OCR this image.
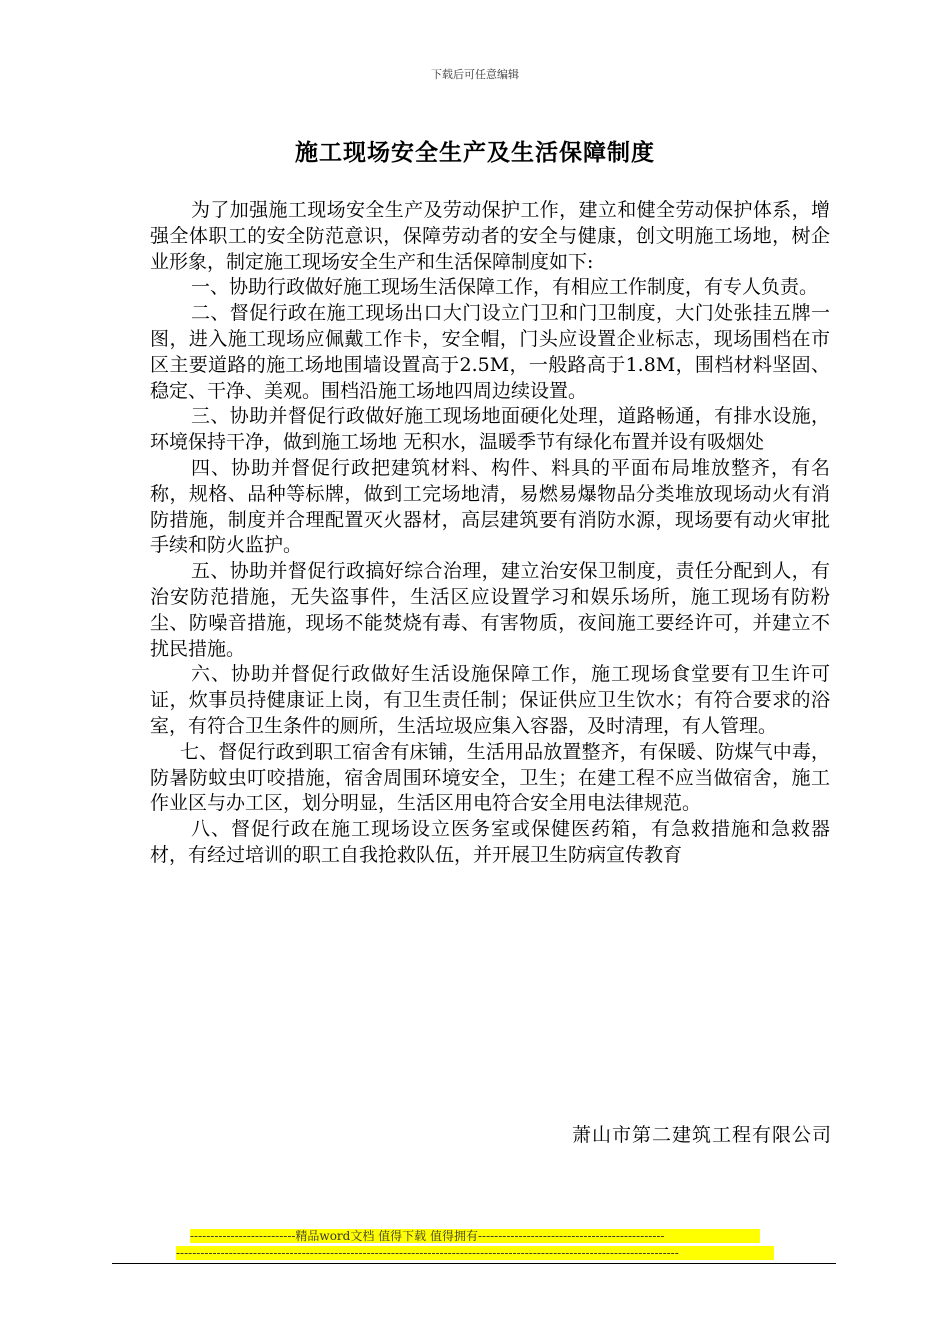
下载后可任意编辑
施工现场安全生产及生活保障制度

为了加强施工现场安全生产及劳动保护工作，建立和健全劳动保护体系，增强全体职工的安全防范意识，保障劳动者的安全与健康，创文明施工场地，树企业形象，制定施工现场安全生产和生活保障制度如下:

一、协助行政做好施工现场生活保障工作，有相应工作制度，有专人负责。

二、督促行政在施工现场出口大门设立门卫和门卫制度，大门处张挂五牌一图，进入施工现场应佩戴工作卡，安全帽，门头应设置企业标志，现场围档在市区主要道路的施工场地围墙设置高于2.5M，一般路高于1.8M，围档材料坚固、稳定、干净、美观。围档沿施工场地四周边续设置。

三、协助并督促行政做好施工现场地面硬化处理，道路畅通，有排水设施，环境保持干净，做到施工场地 无积水，温暖季节有绿化布置并设有吸烟处

四、协助并督促行政把建筑材料、构件、料具的平面布局堆放整齐，有名称，规格、品种等标牌，做到工完场地清，易燃易爆物品分类堆放现场动火有消防措施，制度并合理配置灭火器材，高层建筑要有消防水源，现场要有动火审批手续和防火监护。

五、协助并督促行政搞好综合治理，建立治安保卫制度，责任分配到人，有治安防范措施，无失盗事件，生活区应设置学习和娱乐场所，施工现场有防粉尘、防噪音措施，现场不能焚烧有毒、有害物质，夜间施工要经许可，并建立不扰民措施。

六、协助并督促行政做好生活设施保障工作，施工现场食堂要有卫生许可证，炊事员持健康证上岗，有卫生责任制；保证供应卫生饮水；有符合要求的浴室，有符合卫生条件的厕所，生活垃圾应集入容器，及时清理，有人管理。

七、督促行政到职工宿舍有床铺，生活用品放置整齐，有保暖、防煤气中毒，防暑防蚊虫叮咬措施，宿舍周围环境安全，卫生；在建工程不应当做宿舍，施工作业区与办工区，划分明显，生活区用电符合安全用电法律规范。

八、督促行政在施工现场设立医务室或保健医药箱，有急救措施和急救器材，有经过培训的职工自我抢救队伍，并开展卫生防病宣传教育

萧山市第二建筑工程有限公司
--------------------------精品word文档 值得下载 值得拥有----------------------------------------------
----------------------------------------------------------------------------------------------------------------------------
